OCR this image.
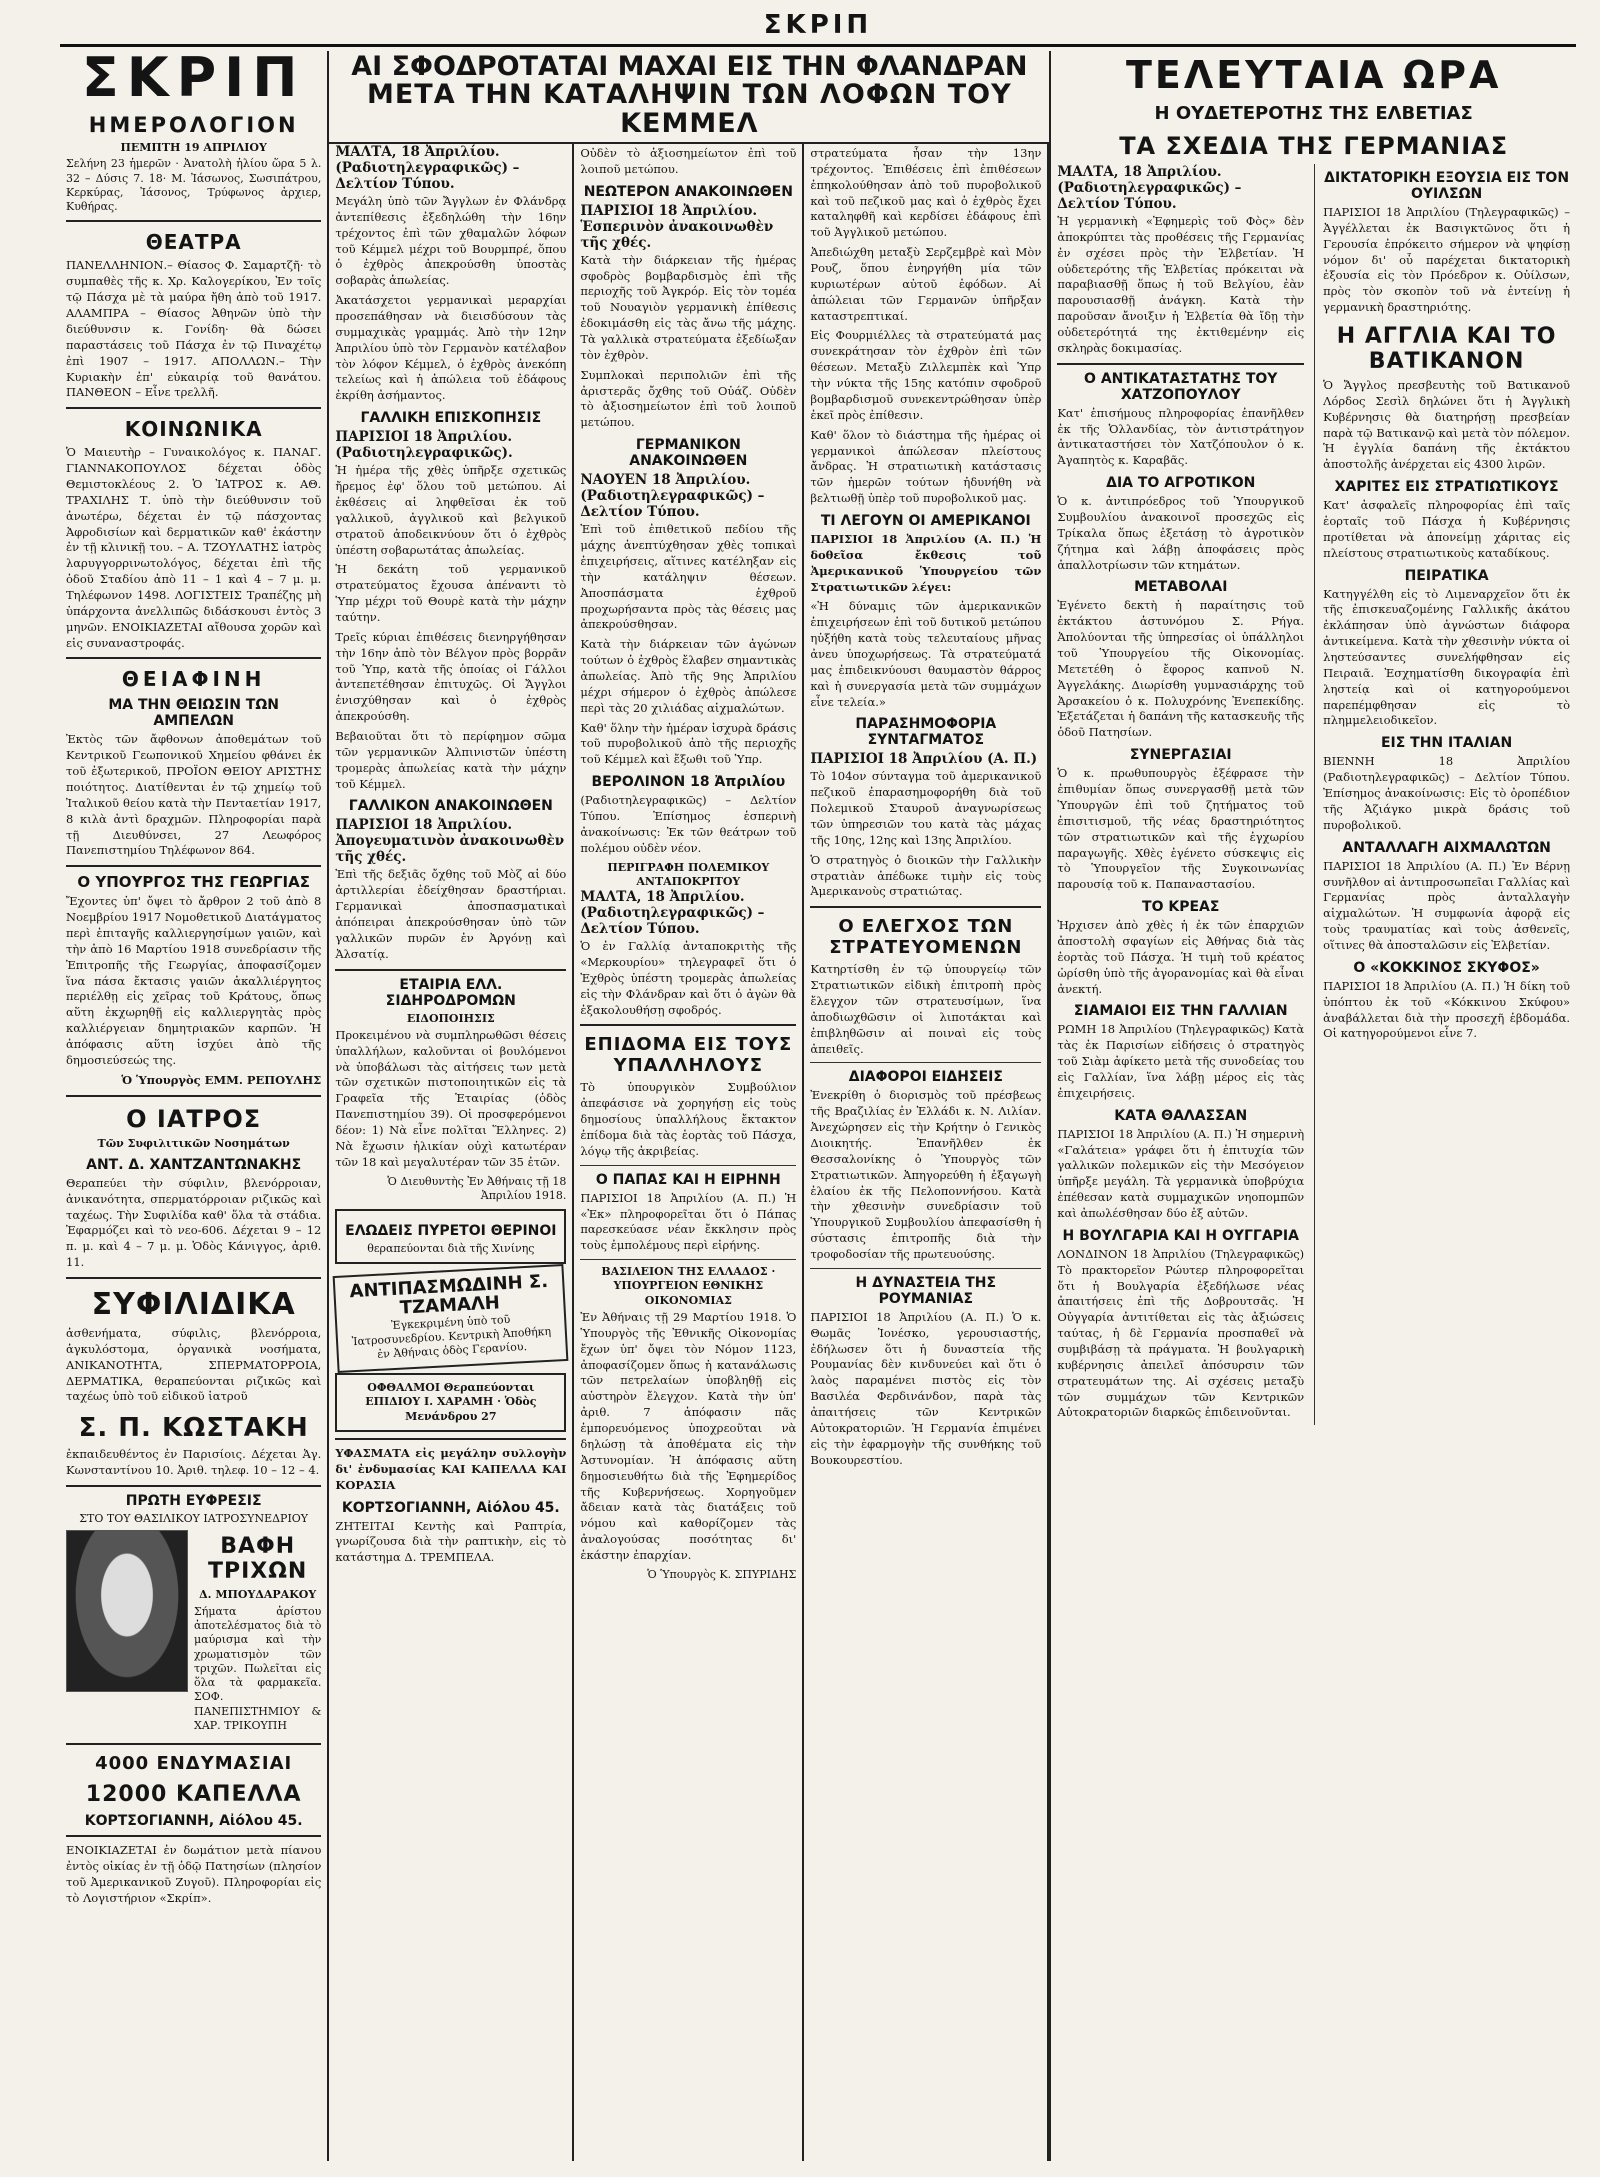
ΣΚΡΙΠ
ΣΚΡΙΠ
ΗΜΕΡΟΛΟΓΙΟΝ
ΠΕΜΠΤΗ 19 ΑΠΡΙΛΙΟΥ
Σελήνη 23 ἡμερῶν · Ἀνατολὴ ἡλίου ὥρα 5 λ. 32 – Δύσις 7. 18· Μ. Ἰάσωνος, Σωσιπάτρου, Κερκύρας, Ἰάσονος, Τρύφωνος ἀρχιερ, Κυθήρας.
ΘΕΑΤΡΑ
ΠΑΝΕΛΛΗΝΙΟΝ.– Θίασος Φ. Σαμαρτζῆ· τὸ συμπαθὲς τῆς κ. Χρ. Καλογερίκου, Ἐν τοῖς τῷ Πάσχα μὲ τὰ μαύρα ἤθη ἀπὸ τοῦ 1917. ΑΛΑΜΠΡΑ – Θίασος Ἀθηνῶν ὑπὸ τὴν διεύθυνσιν κ. Γονίδη· θὰ δώσει παραστάσεις τοῦ Πάσχα ἐν τῷ Πιναχέτῳ ἐπὶ 1907 – 1917. ΑΠΟΛΛΩΝ.– Τὴν Κυριακὴν ἐπ' εὐκαιρίᾳ τοῦ θανάτου. ΠΑΝΘΕΟΝ – Εἶνε τρελλῆ.
ΚΟΙΝΩΝΙΚΑ
Ὁ Μαιευτὴρ – Γυναικολόγος κ. ΠΑΝΑΓ. ΓΙΑΝΝΑΚΟΠΟΥΛΟΣ δέχεται ὁδὸς Θεμιστοκλέους 2. Ὁ ἸΑΤΡΟΣ κ. ΑΘ. ΤΡΑΧΙΛΗΣ Τ. ὑπὸ τὴν διεύθυνσιν τοῦ ἀνωτέρω, δέχεται ἐν τῷ πάσχοντας Ἀφροδισίων καὶ δερματικῶν καθ' ἑκάστην ἐν τῇ κλινικῇ του. – Α. ΤΖΟΥΛΑΤΗΣ ἰατρὸς λαρυγγορρινωτολόγος, δέχεται ἐπὶ τῆς ὁδοῦ Σταδίου ἀπὸ 11 – 1 καὶ 4 – 7 μ. μ. Τηλέφωνον 1498. ΛΟΓΙΣΤΕΙΣ Τραπέζης μὴ ὑπάρχοντα ἀνελλιπῶς διδάσκουσι ἐντὸς 3 μηνῶν. ΕΝΟΙΚΙΑΖΕΤΑΙ αἴθουσα χορῶν καὶ εἰς συναναστροφάς.
ΘΕΙΑΦΙΝΗ
ΜΑ ΤΗΝ ΘΕΙΩΣΙΝ ΤΩΝ ΑΜΠΕΛΩΝ
Ἐκτὸς τῶν ἄφθονων ἀποθεμάτων τοῦ Κεντρικοῦ Γεωπονικοῦ Χημείου φθάνει ἐκ τοῦ ἐξωτερικοῦ, ΠΡΟΪΟΝ ΘΕΙΟΥ ΑΡΙΣΤΗΣ ποιότητος. Διατίθενται ἐν τῷ χημείῳ τοῦ Ἰταλικοῦ θείου κατὰ τὴν Πενταετίαν 1917, 8 κιλὰ ἀντὶ δραχμῶν. Πληροφορίαι παρὰ τῇ Διευθύνσει, 27 Λεωφόρος Πανεπιστημίου Τηλέφωνον 864.
Ο ΥΠΟΥΡΓΟΣ ΤΗΣ ΓΕΩΡΓΙΑΣ
Ἔχοντες ὑπ' ὄψει τὸ ἄρθρον 2 τοῦ ἀπὸ 8 Νοεμβρίου 1917 Νομοθετικοῦ Διατάγματος περὶ ἐπιταγῆς καλλιεργησίμων γαιῶν, καὶ τὴν ἀπὸ 16 Μαρτίου 1918 συνεδρίασιν τῆς Ἐπιτροπῆς τῆς Γεωργίας, ἀποφασίζομεν ἵνα πάσα ἔκτασις γαιῶν ἀκαλλιέργητος περιέλθῃ εἰς χεῖρας τοῦ Κράτους, ὅπως αὕτη ἐκχωρηθῇ εἰς καλλιεργητὰς πρὸς καλλιέργειαν δημητριακῶν καρπῶν. Ἡ ἀπόφασις αὕτη ἰσχύει ἀπὸ τῆς δημοσιεύσεώς της.
Ὁ Ὑπουργὸς ΕΜΜ. ΡΕΠΟΥΛΗΣ
Ο ΙΑΤΡΟΣ
Τῶν Συφιλιτικῶν Νοσημάτων
ΑΝΤ. Δ. ΧΑΝΤΖΑΝΤΩΝΑΚΗΣ
Θεραπεύει τὴν σύφιλιν, βλενόρροιαν, ἀνικανότητα, σπερματόρροιαν ριζικῶς καὶ ταχέως. Τὴν Συφιλίδα καθ' ὅλα τὰ στάδια. Ἐφαρμόζει καὶ τὸ νεο-606. Δέχεται 9 – 12 π. μ. καὶ 4 – 7 μ. μ. Ὁδὸς Κάνιγγος, ἀριθ. 11.
ΣΥΦΙΛΙΔΙΚΑ
ἀσθενήματα, σύφιλις, βλενόρροια, ἀγκυλόστομα, ὀργανικὰ νοσήματα, ΑΝΙΚΑΝΟΤΗΤΑ, ΣΠΕΡΜΑΤΟΡΡΟΙΑ, ΔΕΡΜΑΤΙΚΑ, θεραπεύονται ριζικῶς καὶ ταχέως ὑπὸ τοῦ εἰδικοῦ ἰατροῦ
Σ. Π. ΚΩΣΤΑΚΗ
ἐκπαιδευθέντος ἐν Παρισίοις. Δέχεται Ἀγ. Κωνσταντίνου 10. Ἀριθ. τηλεφ. 10 – 12 – 4.
ΠΡΩΤΗ ΕΥΦΡΕΣΙΣ
ΣΤΟ ΤΟΥ ΘΑΣΙΛΙΚΟΥ ΙΑΤΡΟΣΥΝΕΔΡΙΟΥ
ΒΑΦΗ ΤΡΙΧΩΝ
Δ. ΜΠΟΥΔΑΡΑΚΟΥ
Σήματα ἀρίστου ἀποτελέσματος διὰ τὸ μαύρισμα καὶ τὴν χρωματισμὸν τῶν τριχῶν. Πωλεῖται εἰς ὅλα τὰ φαρμακεῖα. ΣΟΦ. ΠΑΝΕΠΙΣΤΗΜΙΟΥ & ΧΑΡ. ΤΡΙΚΟΥΠΗ
4000 ΕΝΔΥΜΑΣΙΑΙ
12000 ΚΑΠΕΛΛΑ
ΚΟΡΤΣΟΓΙΑΝΝΗ, Αἰόλου 45.
ΕΝΟΙΚΙΑΖΕΤΑΙ ἐν δωμάτιον μετὰ πίανου ἐντὸς οἰκίας ἐν τῇ ὁδῷ Πατησίων (πλησίον τοῦ Ἀμερικανικοῦ Ζυγοῦ). Πληροφορίαι εἰς τὸ Λογιστήριον «Σκρίπ».
ΑΙ ΣΦΟΔΡΟΤΑΤΑΙ ΜΑΧΑΙ ΕΙΣ ΤΗΝ ΦΛΑΝΔΡΑΝ
ΜΕΤΑ ΤΗΝ ΚΑΤΑΛΗΨΙΝ ΤΩΝ ΛΟΦΩΝ ΤΟΥ ΚΕΜΜΕΛ
ΜΑΛΤΑ, 18 Ἀπριλίου. (Ραδιοτηλεγραφικῶς) – Δελτίον Τύπου.
Μεγάλη ὑπὸ τῶν Ἄγγλων ἐν Φλάνδρᾳ ἀντεπίθεσις ἐξεδηλώθη τὴν 16ην τρέχοντος ἐπὶ τῶν χθαμαλῶν λόφων τοῦ Κέμμελ μέχρι τοῦ Βουρμπρέ, ὅπου ὁ ἐχθρὸς ἀπεκρούσθη ὑποστὰς σοβαρὰς ἀπωλείας.
Ἀκατάσχετοι γερμανικαὶ μεραρχίαι προσεπάθησαν νὰ διεισδύσουν τὰς συμμαχικὰς γραμμάς. Ἀπὸ τὴν 12ην Ἀπριλίου ὑπὸ τὸν Γερμανὸν κατέλαβον τὸν λόφον Κέμμελ, ὁ ἐχθρὸς ἀνεκόπη τελείως καὶ ἡ ἀπώλεια τοῦ ἐδάφους ἐκρίθη ἀσήμαντος.
ΓΑΛΛΙΚΗ ΕΠΙΣΚΟΠΗΣΙΣ
ΠΑΡΙΣΙΟΙ 18 Ἀπριλίου. (Ραδιοτηλεγραφικῶς).
Ἡ ἡμέρα τῆς χθὲς ὑπῆρξε σχετικῶς ἤρεμος ἐφ' ὅλου τοῦ μετώπου. Αἱ ἐκθέσεις αἱ ληφθεῖσαι ἐκ τοῦ γαλλικοῦ, ἀγγλικοῦ καὶ βελγικοῦ στρατοῦ ἀποδεικνύουν ὅτι ὁ ἐχθρὸς ὑπέστη σοβαρωτάτας ἀπωλείας.
Ἡ δεκάτη τοῦ γερμανικοῦ στρατεύματος ἔχουσα ἀπέναντι τὸ Ὑπρ μέχρι τοῦ Θουρὲ κατὰ τὴν μάχην ταύτην.
Τρεῖς κύριαι ἐπιθέσεις διενηργήθησαν τὴν 16ην ἀπὸ τὸν Βέλγον πρὸς βορρᾶν τοῦ Ὑπρ, κατὰ τῆς ὁποίας οἱ Γάλλοι ἀντεπετέθησαν ἐπιτυχῶς. Οἱ Ἄγγλοι ἐνισχύθησαν καὶ ὁ ἐχθρὸς ἀπεκρούσθη.
Βεβαιοῦται ὅτι τὸ περίφημον σῶμα τῶν γερμανικῶν Ἀλπινιστῶν ὑπέστη τρομερὰς ἀπωλείας κατὰ τὴν μάχην τοῦ Κέμμελ.
ΓΑΛΛΙΚΟΝ ΑΝΑΚΟΙΝΩΘΕΝ
ΠΑΡΙΣΙΟΙ 18 Ἀπριλίου. Ἀπογευματινὸν ἀνακοινωθὲν τῆς χθές.
Ἐπὶ τῆς δεξιᾶς ὄχθης τοῦ Μὸζ αἱ δύο ἀρτιλλερίαι ἐδείχθησαν δραστήριαι. Γερμανικαὶ ἀποσπασματικαὶ ἀπόπειραι ἀπεκρούσθησαν ὑπὸ τῶν γαλλικῶν πυρῶν ἐν Ἀργόνῃ καὶ Ἀλσατίᾳ.
ΕΤΑΙΡΙΑ ΕΛΛ. ΣΙΔΗΡΟΔΡΟΜΩΝ
ΕΙΔΟΠΟΙΗΣΙΣ
Προκειμένου νὰ συμπληρωθῶσι θέσεις ὑπαλλήλων, καλοῦνται οἱ βουλόμενοι νὰ ὑποβάλωσι τὰς αἰτήσεις των μετὰ τῶν σχετικῶν πιστοποιητικῶν εἰς τὰ Γραφεῖα τῆς Ἑταιρίας (ὁδὸς Πανεπιστημίου 39). Οἱ προσφερόμενοι δέον: 1) Νὰ εἶνε πολῖται Ἕλληνες. 2) Νὰ ἔχωσιν ἡλικίαν οὐχὶ κατωτέραν τῶν 18 καὶ μεγαλυτέραν τῶν 35 ἐτῶν.
Ὁ Διευθυντὴς Ἐν Ἀθήναις τῇ 18 Ἀπριλίου 1918.
ΕΛΩΔΕΙΣ ΠΥΡΕΤΟΙ ΘΕΡΙΝΟΙ
θεραπεύονται διὰ τῆς Χινίνης
ΑΝΤΙΠΑΣΜΩΔΙΝΗ Σ. ΤΖΑΜΑΛΗ
Ἐγκεκριμένη ὑπὸ τοῦ Ἰατροσυνεδρίου. Κεντρικὴ Ἀποθήκη ἐν Ἀθήναις ὁδὸς Γερανίου.
ΟΦΘΑΛΜΟΙ Θεραπεύονται ΕΠΙΔΙΟΥ Ι. ΧΑΡΑΜΗ · Ὁδὸς Μενάνδρου 27
ΥΦΑΣΜΑΤΑ εἰς μεγάλην συλλογὴν δι' ἐνδυμασίας ΚΑΙ ΚΑΠΕΛΛΑ ΚΑΙ ΚΟΡΑΣΙΑ
ΚΟΡΤΣΟΓΙΑΝΝΗ, Αἰόλου 45.
ΖΗΤΕΙΤΑΙ Κεντὴς καὶ Ραπτρία, γνωρίζουσα διὰ τὴν ραπτικὴν, εἰς τὸ κατάστημα Δ. ΤΡΕΜΠΕΛΑ.
Οὐδὲν τὸ ἀξιοσημείωτον ἐπὶ τοῦ λοιποῦ μετώπου.
ΝΕΩΤΕΡΟΝ ΑΝΑΚΟΙΝΩΘΕΝ
ΠΑΡΙΣΙΟΙ 18 Ἀπριλίου. Ἑσπερινὸν ἀνακοινωθὲν τῆς χθές.
Κατὰ τὴν διάρκειαν τῆς ἡμέρας σφοδρὸς βομβαρδισμὸς ἐπὶ τῆς περιοχῆς τοῦ Ἀγκρόρ. Εἰς τὸν τομέα τοῦ Νουαγιὸν γερμανικὴ ἐπίθεσις ἐδοκιμάσθη εἰς τὰς ἄνω τῆς μάχης. Τὰ γαλλικὰ στρατεύματα ἐξεδίωξαν τὸν ἐχθρὸν.
Συμπλοκαὶ περιπολιῶν ἐπὶ τῆς ἀριστερᾶς ὄχθης τοῦ Οὐάζ. Οὐδὲν τὸ ἀξιοσημείωτον ἐπὶ τοῦ λοιποῦ μετώπου.
ΓΕΡΜΑΝΙΚΟΝ ΑΝΑΚΟΙΝΩΘΕΝ
ΝΑΟΥΕΝ 18 Ἀπριλίου. (Ραδιοτηλεγραφικῶς) – Δελτίον Τύπου.
Ἐπὶ τοῦ ἐπιθετικοῦ πεδίου τῆς μάχης ἀνεπτύχθησαν χθὲς τοπικαὶ ἐπιχειρήσεις, αἵτινες κατέληξαν εἰς τὴν κατάληψιν θέσεων. Ἀποσπάσματα ἐχθροῦ προχωρήσαντα πρὸς τὰς θέσεις μας ἀπεκρούσθησαν.
Κατὰ τὴν διάρκειαν τῶν ἀγώνων τούτων ὁ ἐχθρὸς ἔλαβεν σημαντικὰς ἀπωλείας. Ἀπὸ τῆς 9ης Ἀπριλίου μέχρι σήμερον ὁ ἐχθρὸς ἀπώλεσε περὶ τὰς 20 χιλιάδας αἰχμαλώτων.
Καθ' ὅλην τὴν ἡμέραν ἰσχυρὰ δράσις τοῦ πυροβολικοῦ ἀπὸ τῆς περιοχῆς τοῦ Κέμμελ καὶ ἔξωθι τοῦ Ὑπρ.
ΒΕΡΟΛΙΝΟΝ 18 Ἀπριλίου
(Ραδιοτηλεγραφικῶς) – Δελτίον Τύπου. Ἐπίσημος ἑσπερινὴ ἀνακοίνωσις: Ἐκ τῶν θεάτρων τοῦ πολέμου οὐδὲν νέον.
ΠΕΡΙΓΡΑΦΗ ΠΟΛΕΜΙΚΟΥ ΑΝΤΑΠΟΚΡΙΤΟΥ
ΜΑΛΤΑ, 18 Ἀπριλίου. (Ραδιοτηλεγραφικῶς) – Δελτίον Τύπου.
Ὁ ἐν Γαλλίᾳ ἀνταποκριτὴς τῆς «Μερκουρίου» τηλεγραφεῖ ὅτι ὁ Ἐχθρὸς ὑπέστη τρομερὰς ἀπωλείας εἰς τὴν Φλάνδραν καὶ ὅτι ὁ ἀγὼν θὰ ἐξακολουθήσῃ σφοδρός.
ΕΠΙΔΟΜΑ ΕΙΣ ΤΟΥΣ ΥΠΑΛΛΗΛΟΥΣ
Τὸ ὑπουργικὸν Συμβούλιον ἀπεφάσισε νὰ χορηγήσῃ εἰς τοὺς δημοσίους ὑπαλλήλους ἔκτακτον ἐπίδομα διὰ τὰς ἑορτὰς τοῦ Πάσχα, λόγῳ τῆς ἀκριβείας.
Ο ΠΑΠΑΣ ΚΑΙ Η ΕΙΡΗΝΗ
ΠΑΡΙΣΙΟΙ 18 Ἀπριλίου (Α. Π.) Ἡ «Ἐκ» πληροφορεῖται ὅτι ὁ Πάπας παρεσκεύασε νέαν ἔκκλησιν πρὸς τοὺς ἐμπολέμους περὶ εἰρήνης.
ΒΑΣΙΛΕΙΟΝ ΤΗΣ ΕΛΛΑΔΟΣ · ΥΠΟΥΡΓΕΙΟΝ ΕΘΝΙΚΗΣ ΟΙΚΟΝΟΜΙΑΣ
Ἐν Ἀθήναις τῇ 29 Μαρτίου 1918. Ὁ Ὑπουργὸς τῆς Ἐθνικῆς Οἰκονομίας ἔχων ὑπ' ὄψει τὸν Νόμον 1123, ἀποφασίζομεν ὅπως ἡ κατανάλωσις τῶν πετρελαίων ὑποβληθῇ εἰς αὐστηρὸν ἔλεγχον. Κατὰ τὴν ὑπ' ἀριθ. 7 ἀπόφασιν πᾶς ἐμπορευόμενος ὑποχρεοῦται νὰ δηλώσῃ τὰ ἀποθέματα εἰς τὴν Ἀστυνομίαν. Ἡ ἀπόφασις αὕτη δημοσιευθήτω διὰ τῆς Ἐφημερίδος τῆς Κυβερνήσεως. Χορηγοῦμεν ἄδειαν κατὰ τὰς διατάξεις τοῦ νόμου καὶ καθορίζομεν τὰς ἀναλογούσας ποσότητας δι' ἑκάστην ἐπαρχίαν.
Ὁ Ὑπουργὸς Κ. ΣΠΥΡΙΔΗΣ
στρατεύματα ἦσαν τὴν 13ην τρέχοντος. Ἐπιθέσεις ἐπὶ ἐπιθέσεων ἐπηκολούθησαν ἀπὸ τοῦ πυροβολικοῦ καὶ τοῦ πεζικοῦ μας καὶ ὁ ἐχθρὸς ἔχει καταληφθῆ καὶ κερδίσει ἐδάφους ἐπὶ τοῦ Ἀγγλικοῦ μετώπου.
Ἀπεδιώχθη μεταξὺ Σερζεμβρὲ καὶ Μὸν Ρουζ, ὅπου ἐνηργήθη μία τῶν κυριωτέρων αὐτοῦ ἐφόδων. Αἱ ἀπώλειαι τῶν Γερμανῶν ὑπῆρξαν καταστρεπτικαί.
Εἰς Φουρμιέλλες τὰ στρατεύματά μας συνεκράτησαν τὸν ἐχθρὸν ἐπὶ τῶν θέσεων. Μεταξὺ Ζιλλεμπὲκ καὶ Ὑπρ τὴν νύκτα τῆς 15ης κατόπιν σφοδροῦ βομβαρδισμοῦ συνεκεντρώθησαν ὑπὲρ ἐκεῖ πρὸς ἐπίθεσιν.
Καθ' ὅλον τὸ διάστημα τῆς ἡμέρας οἱ γερμανικοὶ ἀπώλεσαν πλείστους ἄνδρας. Ἡ στρατιωτικὴ κατάστασις τῶν ἡμερῶν τούτων ἠδυνήθη νὰ βελτιωθῇ ὑπὲρ τοῦ πυροβολικοῦ μας.
ΤΙ ΛΕΓΟΥΝ ΟΙ ΑΜΕΡΙΚΑΝΟΙ
ΠΑΡΙΣΙΟΙ 18 Ἀπριλίου (Α. Π.) Ἡ δοθεῖσα ἔκθεσις τοῦ Ἀμερικανικοῦ Ὑπουργείου τῶν Στρατιωτικῶν λέγει:
«Ἡ δύναμις τῶν ἀμερικανικῶν ἐπιχειρήσεων ἐπὶ τοῦ δυτικοῦ μετώπου ηὐξήθη κατὰ τοὺς τελευταίους μῆνας ἀνευ ὑποχωρήσεως. Τὰ στρατεύματά μας ἐπιδεικνύουσι θαυμαστὸν θάρρος καὶ ἡ συνεργασία μετὰ τῶν συμμάχων εἶνε τελεία.»
ΠΑΡΑΣΗΜΟΦΟΡΙΑ ΣΥΝΤΑΓΜΑΤΟΣ
ΠΑΡΙΣΙΟΙ 18 Ἀπριλίου (Α. Π.)
Τὸ 104ον σύνταγμα τοῦ ἀμερικανικοῦ πεζικοῦ ἐπαρασημοφορήθη διὰ τοῦ Πολεμικοῦ Σταυροῦ ἀναγνωρίσεως τῶν ὑπηρεσιῶν του κατὰ τὰς μάχας τῆς 10ης, 12ης καὶ 13ης Ἀπριλίου.
Ὁ στρατηγὸς ὁ διοικῶν τὴν Γαλλικὴν στρατιὰν ἀπέδωκε τιμὴν εἰς τοὺς Ἀμερικανοὺς στρατιώτας.
Ο ΕΛΕΓΧΟΣ ΤΩΝ ΣΤΡΑΤΕΥΟΜΕΝΩΝ
Κατηρτίσθη ἐν τῷ ὑπουργείῳ τῶν Στρατιωτικῶν εἰδικὴ ἐπιτροπὴ πρὸς ἔλεγχον τῶν στρατευσίμων, ἵνα ἀποδιωχθῶσιν οἱ λιποτάκται καὶ ἐπιβληθῶσιν αἱ ποιναὶ εἰς τοὺς ἀπειθεῖς.
ΔΙΑΦΟΡΟΙ ΕΙΔΗΣΕΙΣ
Ἐνεκρίθη ὁ διορισμὸς τοῦ πρέσβεως τῆς Βραζιλίας ἐν Ἑλλάδι κ. Ν. Λιλίαν. Ἀνεχώρησεν εἰς τὴν Κρήτην ὁ Γενικὸς Διοικητής. Ἐπανῆλθεν ἐκ Θεσσαλονίκης ὁ Ὑπουργὸς τῶν Στρατιωτικῶν. Ἀπηγορεύθη ἡ ἐξαγωγὴ ἐλαίου ἐκ τῆς Πελοποννήσου. Κατὰ τὴν χθεσινὴν συνεδρίασιν τοῦ Ὑπουργικοῦ Συμβουλίου ἀπεφασίσθη ἡ σύστασις ἐπιτροπῆς διὰ τὴν τροφοδοσίαν τῆς πρωτευούσης.
Η ΔΥΝΑΣΤΕΙΑ ΤΗΣ ΡΟΥΜΑΝΙΑΣ
ΠΑΡΙΣΙΟΙ 18 Ἀπριλίου (Α. Π.) Ὁ κ. Θωμᾶς Ἰονέσκο, γερουσιαστής, ἐδήλωσεν ὅτι ἡ δυναστεία τῆς Ρουμανίας δὲν κινδυνεύει καὶ ὅτι ὁ λαὸς παραμένει πιστὸς εἰς τὸν Βασιλέα Φερδινάνδον, παρὰ τὰς ἀπαιτήσεις τῶν Κεντρικῶν Αὐτοκρατοριῶν. Ἡ Γερμανία ἐπιμένει εἰς τὴν ἐφαρμογὴν τῆς συνθήκης τοῦ Βουκουρεστίου.
ΤΕΛΕΥΤΑΙΑ ΩΡΑ
Η ΟΥΔΕΤΕΡΟΤΗΣ ΤΗΣ ΕΛΒΕΤΙΑΣ
ΤΑ ΣΧΕΔΙΑ ΤΗΣ ΓΕΡΜΑΝΙΑΣ
ΜΑΛΤΑ, 18 Ἀπριλίου. (Ραδιοτηλεγραφικῶς) – Δελτίον Τύπου.
Ἡ γερμανικὴ «Ἐφημερὶς τοῦ Φὸς» δὲν ἀποκρύπτει τὰς προθέσεις τῆς Γερμανίας ἐν σχέσει πρὸς τὴν Ἑλβετίαν. Ἡ οὐδετερότης τῆς Ἑλβετίας πρόκειται νὰ παραβιασθῇ ὅπως ἡ τοῦ Βελγίου, ἐὰν παρουσιασθῇ ἀνάγκη. Κατὰ τὴν παροῦσαν ἄνοιξιν ἡ Ἑλβετία θὰ ἴδῃ τὴν οὐδετερότητά της ἐκτιθεμένην εἰς σκληρὰς δοκιμασίας.
Ο ΑΝΤΙΚΑΤΑΣΤΑΤΗΣ ΤΟΥ ΧΑΤΖΟΠΟΥΛΟΥ
Κατ' ἐπισήμους πληροφορίας ἐπανῆλθεν ἐκ τῆς Ὁλλανδίας, τὸν ἀντιστράτηγον ἀντικαταστήσει τὸν Χατζόπουλον ὁ κ. Ἀγαπητὸς κ. Καραβᾶς.
ΔΙΑ ΤΟ ΑΓΡΟΤΙΚΟΝ
Ὁ κ. ἀντιπρόεδρος τοῦ Ὑπουργικοῦ Συμβουλίου ἀνακοινοῖ προσεχῶς εἰς Τρίκαλα ὅπως ἐξετάσῃ τὸ ἀγροτικὸν ζήτημα καὶ λάβῃ ἀποφάσεις πρὸς ἀπαλλοτρίωσιν τῶν κτημάτων.
ΜΕΤΑΒΟΛΑΙ
Ἐγένετο δεκτὴ ἡ παραίτησις τοῦ ἐκτάκτου ἀστυνόμου Σ. Ρήγα. Ἀπολύονται τῆς ὑπηρεσίας οἱ ὑπάλληλοι τοῦ Ὑπουργείου τῆς Οἰκονομίας. Μετετέθη ὁ ἔφορος καπνοῦ Ν. Ἀγγελάκης. Διωρίσθη γυμνασιάρχης τοῦ Ἀρσακείου ὁ κ. Πολυχρόνης Ἐνεπεκίδης. Ἐξετάζεται ἡ δαπάνη τῆς κατασκευῆς τῆς ὁδοῦ Πατησίων.
ΣΥΝΕΡΓΑΣΙΑΙ
Ὁ κ. πρωθυπουργὸς ἐξέφρασε τὴν ἐπιθυμίαν ὅπως συνεργασθῇ μετὰ τῶν Ὑπουργῶν ἐπὶ τοῦ ζητήματος τοῦ ἐπισιτισμοῦ, τῆς νέας δραστηριότητος τῶν στρατιωτικῶν καὶ τῆς ἐγχωρίου παραγωγῆς. Χθὲς ἐγένετο σύσκεψις εἰς τὸ Ὑπουργεῖον τῆς Συγκοινωνίας παρουσίᾳ τοῦ κ. Παπαναστασίου.
ΤΟ ΚΡΕΑΣ
Ἠρχισεν ἀπὸ χθὲς ἡ ἐκ τῶν ἐπαρχιῶν ἀποστολὴ σφαγίων εἰς Ἀθήνας διὰ τὰς ἑορτὰς τοῦ Πάσχα. Ἡ τιμὴ τοῦ κρέατος ὡρίσθη ὑπὸ τῆς ἀγορανομίας καὶ θὰ εἶναι ἀνεκτή.
ΣΙΑΜΑΙΟΙ ΕΙΣ ΤΗΝ ΓΑΛΛΙΑΝ
ΡΩΜΗ 18 Ἀπριλίου (Τηλεγραφικῶς) Κατὰ τὰς ἐκ Παρισίων εἰδήσεις ὁ στρατηγὸς τοῦ Σιὰμ ἀφίκετο μετὰ τῆς συνοδείας του εἰς Γαλλίαν, ἵνα λάβῃ μέρος εἰς τὰς ἐπιχειρήσεις.
ΚΑΤΑ ΘΑΛΑΣΣΑΝ
ΠΑΡΙΣΙΟΙ 18 Ἀπριλίου (Α. Π.) Ἡ σημερινὴ «Γαλάτεια» γράφει ὅτι ἡ ἐπιτυχία τῶν γαλλικῶν πολεμικῶν εἰς τὴν Μεσόγειον ὑπῆρξε μεγάλη. Τὰ γερμανικὰ ὑποβρύχια ἐπέθεσαν κατὰ συμμαχικῶν νηοπομπῶν καὶ ἀπωλέσθησαν δύο ἐξ αὐτῶν.
Η ΒΟΥΛΓΑΡΙΑ ΚΑΙ Η ΟΥΓΓΑΡΙΑ
ΛΟΝΔΙΝΟΝ 18 Ἀπριλίου (Τηλεγραφικῶς) Τὸ πρακτορεῖον Ρώυτερ πληροφορεῖται ὅτι ἡ Βουλγαρία ἐξεδήλωσε νέας ἀπαιτήσεις ἐπὶ τῆς Δοβρουτσᾶς. Ἡ Οὐγγαρία ἀντιτίθεται εἰς τὰς ἀξιώσεις ταύτας, ἡ δὲ Γερμανία προσπαθεῖ νὰ συμβιβάσῃ τὰ πράγματα. Ἡ βουλγαρικὴ κυβέρνησις ἀπειλεῖ ἀπόσυρσιν τῶν στρατευμάτων της. Αἱ σχέσεις μεταξὺ τῶν συμμάχων τῶν Κεντρικῶν Αὐτοκρατοριῶν διαρκῶς ἐπιδεινοῦνται.
ΔΙΚΤΑΤΟΡΙΚΗ ΕΞΟΥΣΙΑ ΕΙΣ ΤΟΝ ΟΥΙΛΣΩΝ
ΠΑΡΙΣΙΟΙ 18 Ἀπριλίου (Τηλεγραφικῶς) – Ἀγγέλλεται ἐκ Βασιγκτῶνος ὅτι ἡ Γερουσία ἐπρόκειτο σήμερον νὰ ψηφίσῃ νόμον δι' οὗ παρέχεται δικτατορικὴ ἐξουσία εἰς τὸν Πρόεδρον κ. Οὐίλσων, πρὸς τὸν σκοπὸν τοῦ νὰ ἐντείνῃ ἡ γερμανικὴ δραστηριότης.
Η ΑΓΓΛΙΑ ΚΑΙ ΤΟ ΒΑΤΙΚΑΝΟΝ
Ὁ Ἄγγλος πρεσβευτὴς τοῦ Βατικανοῦ Λόρδος Σεσὶλ δηλώνει ὅτι ἡ Ἀγγλικὴ Κυβέρνησις θὰ διατηρήσῃ πρεσβείαν παρὰ τῷ Βατικανῷ καὶ μετὰ τὸν πόλεμον. Ἡ ἐγγλία δαπάνη τῆς ἐκτάκτου ἀποστολῆς ἀνέρχεται εἰς 4300 λιρῶν.
ΧΑΡΙΤΕΣ ΕΙΣ ΣΤΡΑΤΙΩΤΙΚΟΥΣ
Κατ' ἀσφαλεῖς πληροφορίας ἐπὶ ταῖς ἑορταῖς τοῦ Πάσχα ἡ Κυβέρνησις προτίθεται νὰ ἀπονείμῃ χάριτας εἰς πλείστους στρατιωτικοὺς καταδίκους.
ΠΕΙΡΑΤΙΚΑ
Κατηγγέλθη εἰς τὸ Λιμεναρχεῖον ὅτι ἐκ τῆς ἐπισκευαζομένης Γαλλικῆς ἀκάτου ἐκλάπησαν ὑπὸ ἀγνώστων διάφορα ἀντικείμενα. Κατὰ τὴν χθεσινὴν νύκτα οἱ ληστεύσαντες συνελήφθησαν εἰς Πειραιᾶ. Ἐσχηματίσθη δικογραφία ἐπὶ ληστείᾳ καὶ οἱ κατηγορούμενοι παρεπέμφθησαν εἰς τὸ πλημμελειοδικεῖον.
ΕΙΣ ΤΗΝ ΙΤΑΛΙΑΝ
ΒΙΕΝΝΗ 18 Ἀπριλίου (Ραδιοτηλεγραφικῶς) – Δελτίον Τύπου. Ἐπίσημος ἀνακοίνωσις: Εἰς τὸ ὀροπέδιον τῆς Ἀζιάγκο μικρὰ δράσις τοῦ πυροβολικοῦ.
ΑΝΤΑΛΛΑΓΗ ΑΙΧΜΑΛΩΤΩΝ
ΠΑΡΙΣΙΟΙ 18 Ἀπριλίου (Α. Π.) Ἐν Βέρνῃ συνῆλθον αἱ ἀντιπροσωπεῖαι Γαλλίας καὶ Γερμανίας πρὸς ἀνταλλαγὴν αἰχμαλώτων. Ἡ συμφωνία ἀφορᾷ εἰς τοὺς τραυματίας καὶ τοὺς ἀσθενεῖς, οἵτινες θὰ ἀποσταλῶσιν εἰς Ἑλβετίαν.
Ο «ΚΟΚΚΙΝΟΣ ΣΚΥΦΟΣ»
ΠΑΡΙΣΙΟΙ 18 Ἀπριλίου (Α. Π.) Ἡ δίκη τοῦ ὑπόπτου ἐκ τοῦ «Κόκκινου Σκύφου» ἀναβάλλεται διὰ τὴν προσεχῆ ἑβδομάδα. Οἱ κατηγορούμενοι εἶνε 7.
